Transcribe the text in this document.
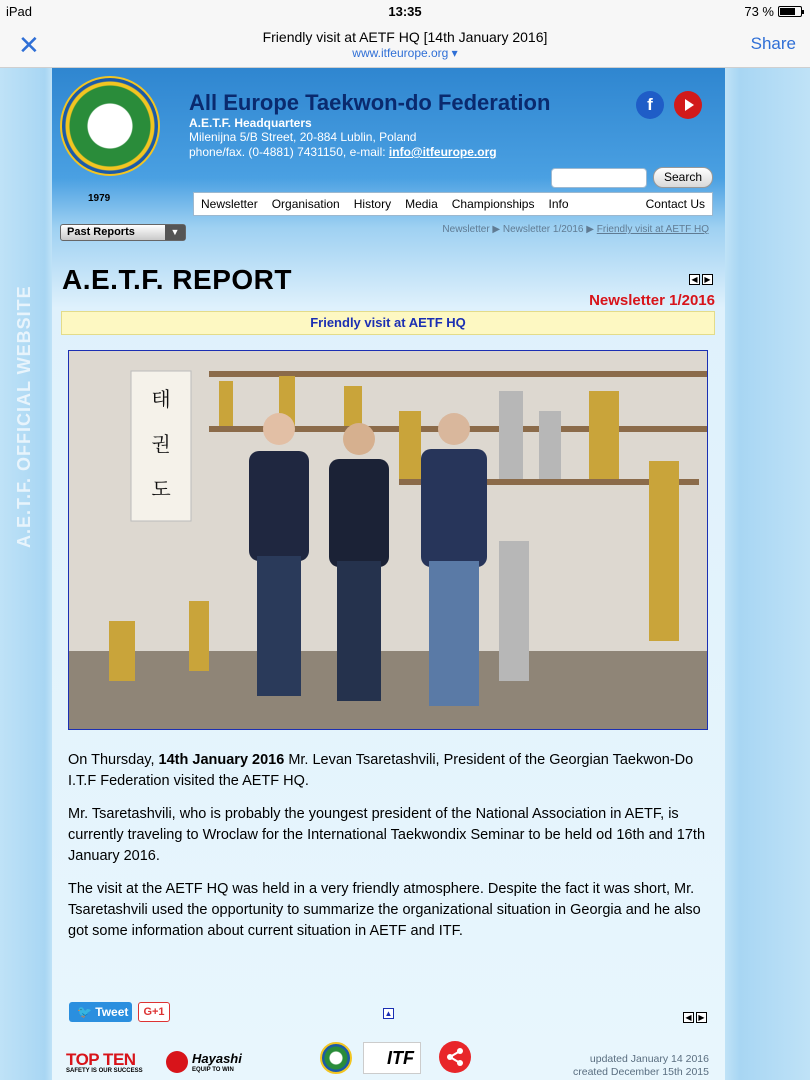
iPad	13:35	73 %
✕	Friendly visit at AETF HQ [14th January 2016]
www.itfeurope.org ▾	Share
A.E.T.F. OFFICIAL WEBSITE
1979
All Europe Taekwon-do Federation
A.E.T.F. Headquarters
Milenijna 5/B Street, 20-884 Lublin, Poland
phone/fax. (0-4881) 7431150, e-mail: info@itfeurope.org
f
Search
Newsletter	Organisation	History	Media	Championships	Info	Contact Us
Past Reports	▼	Newsletter ▶ Newsletter 1/2016 ▶ Friendly visit at AETF HQ
A.E.T.F. REPORT	◀ ▶
Newsletter 1/2016
Friendly visit at AETF HQ
태
권
도

On Thursday, 14th January 2016 Mr. Levan Tsaretashvili, President of the Georgian Taekwon-Do I.T.F Federation visited the AETF HQ.

Mr. Tsaretashvili, who is probably the youngest president of the National Association in AETF, is currently traveling to Wroclaw for the International Taekwondix Seminar to be held od 16th and 17th January 2016.

The visit at the AETF HQ was held in a very friendly atmosphere. Despite the fact it was short, Mr. Tsaretashvili used the opportunity to summarize the organizational situation in Georgia and he also got some information about current situation in AETF and ITF.

🐦 Tweet	G+1	▲	◀ ▶
TOP TEN
SAFETY IS OUR SUCCESS
Hayashi
EQUIP TO WIN
ITF	updated January 14 2016
created December 15th 2015
